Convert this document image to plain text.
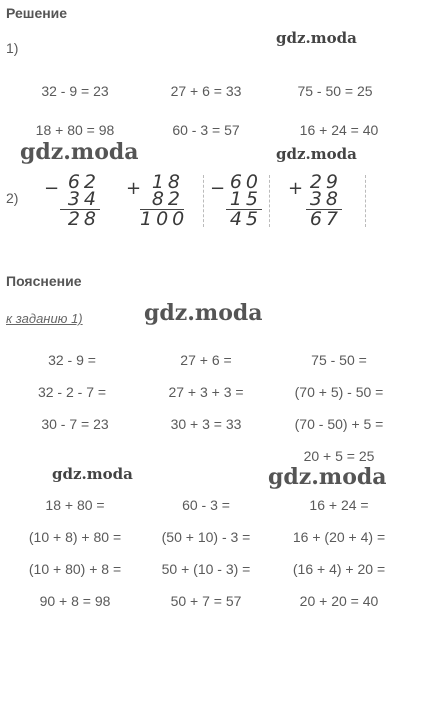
Решение
1)
32 - 9 = 23	27 + 6 = 33	75 - 50 = 25
18 + 80 = 98	60 - 3 = 57	16 + 24 = 40
2) − 62
34
28
+ 18
82
100
− 60
15
45
+ 29
38
67
Пояснение
к заданию 1)
32 - 9 =	27 + 6 =	75 - 50 =
32 - 2 - 7 =	27 + 3 + 3 =	(70 + 5) - 50 =
30 - 7 = 23	30 + 3 = 33	(70 - 50) + 5 =
20 + 5 = 25
18 + 80 =	60 - 3 =	16 + 24 =
(10 + 8) + 80 =	(50 + 10) - 3 =	16 + (20 + 4) =
(10 + 80) + 8 =	50 + (10 - 3) =	(16 + 4) + 20 =
90 + 8 = 98	50 + 7 = 57	20 + 20 = 40
gdz.moda
gdz.moda	gdz.moda
gdz.moda
gdz.moda	gdz.moda
